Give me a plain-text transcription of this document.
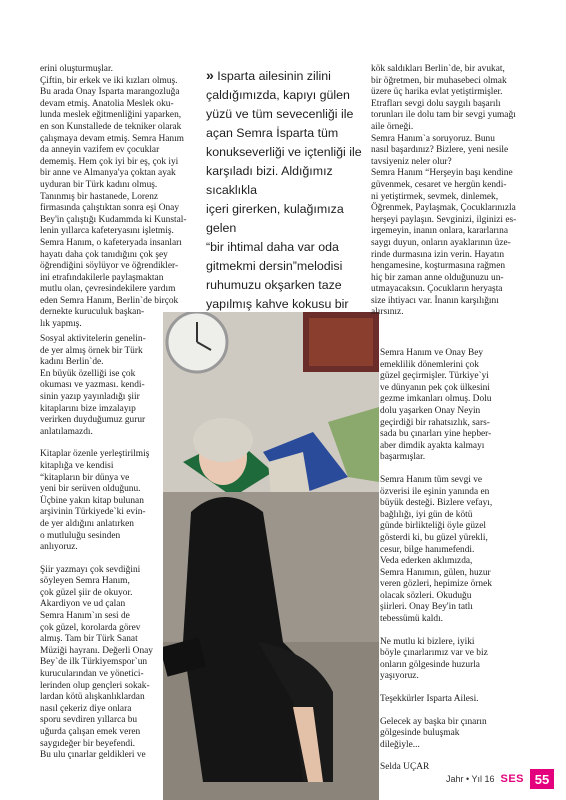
erini oluşturmuşlar.
Çiftin, bir erkek ve iki kızları olmuş.
Bu arada Onay Isparta marangozluğa
devam etmiş. Anatolia Meslek oku-
lunda meslek eğitmenliğini yaparken,
en son Kunstallede de tekniker olarak
çalışmaya devam etmiş. Semra Hanım
da anneyin vazifem ev çocuklar
dememiş. Hem çok iyi bir eş, çok iyi
bir anne ve Almanya'ya çoktan ayak
uyduran bir Türk kadını olmuş.
Tanınmış bir hastanede, Lorenz
firmasında çalıştıktan sonra eşi Onay
Bey'in çalıştığı Kudammda ki Kunstal-
lenin yıllarca kafeteryasını işletmiş.
Semra Hanım, o kafeteryada insanları
hayatı daha çok tanıdığını çok şey
öğrendiğini söylüyor ve öğrendikler-
ini etrafındakilerle paylaşmaktan
mutlu olan, çevresindekilere yardım
eden Semra Hanım, Berlin`de birçok
dernekte kuruculuk başkan-
lık yapmış.

Sosyal aktivitelerin genelin-
de yer almış örnek bir Türk
kadını Berlin`de.
En büyük özelliği ise çok
okuması ve yazması. kendi-
sinin yazıp yayınladığı şiir
kitaplarını bize imzalayıp
verirken duyduğumuz gurur
anlatılamazdı.

Kitaplar özenle yerleştirilmiş
kitaplığa ve kendisi
“kitapların bir dünya ve
yeni bir serüven olduğunu.
Üçbine yakın kitap bulunan
arşivinin Türkiyede`ki evin-
de yer aldığını anlatırken
o mutluluğu sesinden
anlıyoruz.

Şiir yazmayı çok sevdiğini
söyleyen Semra Hanım,
çok güzel şiir de okuyor.
Akardiyon ve ud çalan
Semra Hanım`ın sesi de
çok güzel, korolarda görev
almış. Tam bir Türk Sanat
Müziği hayranı. Değerli Onay
Bey`de ilk Türkiyemspor`un
kurucularından ve yönetici-
lerinden olup gençleri sokak-
lardan kötü alışkanlıklardan
nasıl çekeriz diye onlara
sporu sevdiren yıllarca bu
uğurda çalışan emek veren
saygıdeğer bir beyefendi.
Bu ulu çınarlar geldikleri ve

» Isparta ailesinin zilini
çaldığımızda, kapıyı gülen
yüzü ve tüm sevecenliği ile
açan Semra İsparta tüm
konukseverliği ve içtenliği ile
karşıladı bizi. Aldığımız sıcaklıkla
içeri girerken, kulağımıza gelen
“bir ihtimal daha var oda
gitmekmi dersin”melodisi
ruhumuzu okşarken taze
yapılmış kahve kokusu bir

kök saldıkları Berlin`de, bir avukat,
bir öğretmen, bir muhasebeci olmak
üzere üç harika evlat yetiştirmişler.
Etrafları sevgi dolu saygılı başarılı
torunları ile dolu tam bir sevgi yumağı
aile örneği.
Semra Hanım`a soruyoruz. Bunu
nasıl başardınız? Bizlere, yeni nesile
tavsiyeniz neler olur?
Semra Hanım “Herşeyin başı kendine
güvenmek, cesaret ve hergün kendi-
ni yetiştirmek, sevmek, dinlemek,
Öğrenmek, Paylaşmak, Çocuklarınızla
herşeyi paylaşın. Sevginizi, ilginizi es-
irgemeyin, inanın onlara, kararlarına
saygı duyun, onların ayaklarının üze-
rinde durmasına izin verin. Hayatın
hengamesine, koşturmasına rağmen
hiç bir zaman anne olduğunuzu un-
utmayacaksın. Çocukların heryaşta
size ihtiyacı var. İnanın karşılığını
alırsınız.

Semra Hanım ve Onay Bey
emeklilik dönemlerini çok
güzel geçirmişler. Türkiye`yi
ve dünyanın pek çok ülkesini
gezme imkanları olmuş. Dolu
dolu yaşarken Onay Neyin
geçirdiği bir rahatsızlık, sars-
sada bu çınarları yine hepber-
aber dimdik ayakta kalmayı
başarmışlar.

Semra Hanım tüm sevgi ve
özverisi ile eşinin yanında en
büyük desteği. Bizlere vefayı,
bağlılığı, iyi gün de kötü
günde birlikteliği öyle güzel
gösterdi ki, bu güzel yürekli,
cesur, bilge hanımefendi.
Veda ederken aklımızda,
Semra Hanımın, gülen, huzur
veren gözleri, hepimize örnek
olacak sözleri. Okuduğu
şiirleri. Onay Bey'in tatlı
tebessümü kaldı.

Ne mutlu ki bizlere, iyiki
böyle çınarlarımız var ve biz
onların gölgesinde huzurla
yaşıyoruz.

Teşekkürler Isparta Ailesi.

Gelecek ay başka bir çınarın
gölgesinde buluşmak
dileğiyle...

Selda UÇAR

Jahr • Yıl 16 SES 55
